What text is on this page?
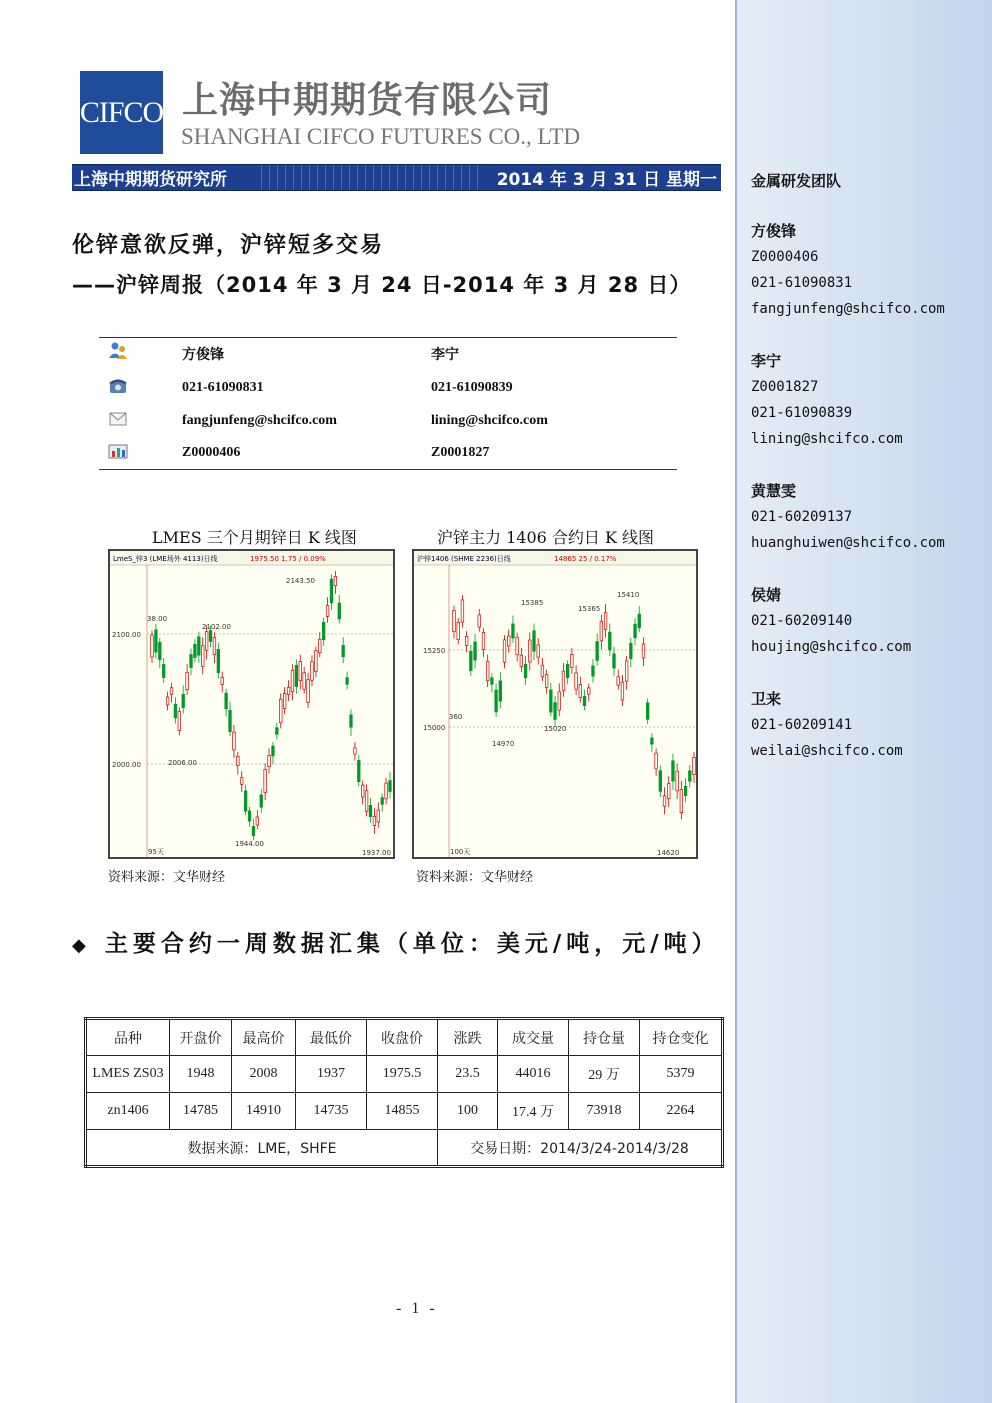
CIFCO 上海中期期货有限公司
SHANGHAI CIFCO FUTURES CO., LTD
上海中期期货研究所	2014 年 3 月 31 日 星期一
伦锌意欲反弹，沪锌短多交易
——沪锌周报（2014 年 3 月 24 日-2014 年 3 月 28 日）
方俊锋	李宁
021-61090831	021-61090839
fangjunfeng@shcifco.com	lining@shcifco.com
Z0000406	Z0001827
LMES 三个月期锌日 K 线图	沪锌主力 1406 合约日 K 线图
LmeS_锌3 (LME场外 4113)日线	1975.50 1.75 / 0.09%
2100.00
2000.00
2143.50
2102.00
2006.00
1944.00
1937.00
38.00
95天
沪锌1406 (SHME 2236)日线	14865 25 / 0.17%
15250
15000
15410
15385
15365
15020
14970
14620
360
100天
资料来源：文华财经	资料来源：文华财经
◆ 主要合约一周数据汇集（单位：美元/吨，元/吨）
品种	开盘价	最高价	最低价	收盘价	涨跌	成交量	持仓量	持仓变化
LMES ZS03	1948	2008	1937	1975.5	23.5	44016	29 万	5379
zn1406	14785	14910	14735	14855	100	17.4 万	73918	2264
数据来源：LME，SHFE					交易日期：2014/3/24-2014/3/28			
- 1 -
金属研发团队
方俊锋
Z0000406
021-61090831
fangjunfeng@shcifco.com
李宁
Z0001827
021-61090839
lining@shcifco.com
黄慧雯
021-60209137
huanghuiwen@shcifco.com
侯婧
021-60209140
houjing@shcifco.com
卫来
021-60209141
weilai@shcifco.com
